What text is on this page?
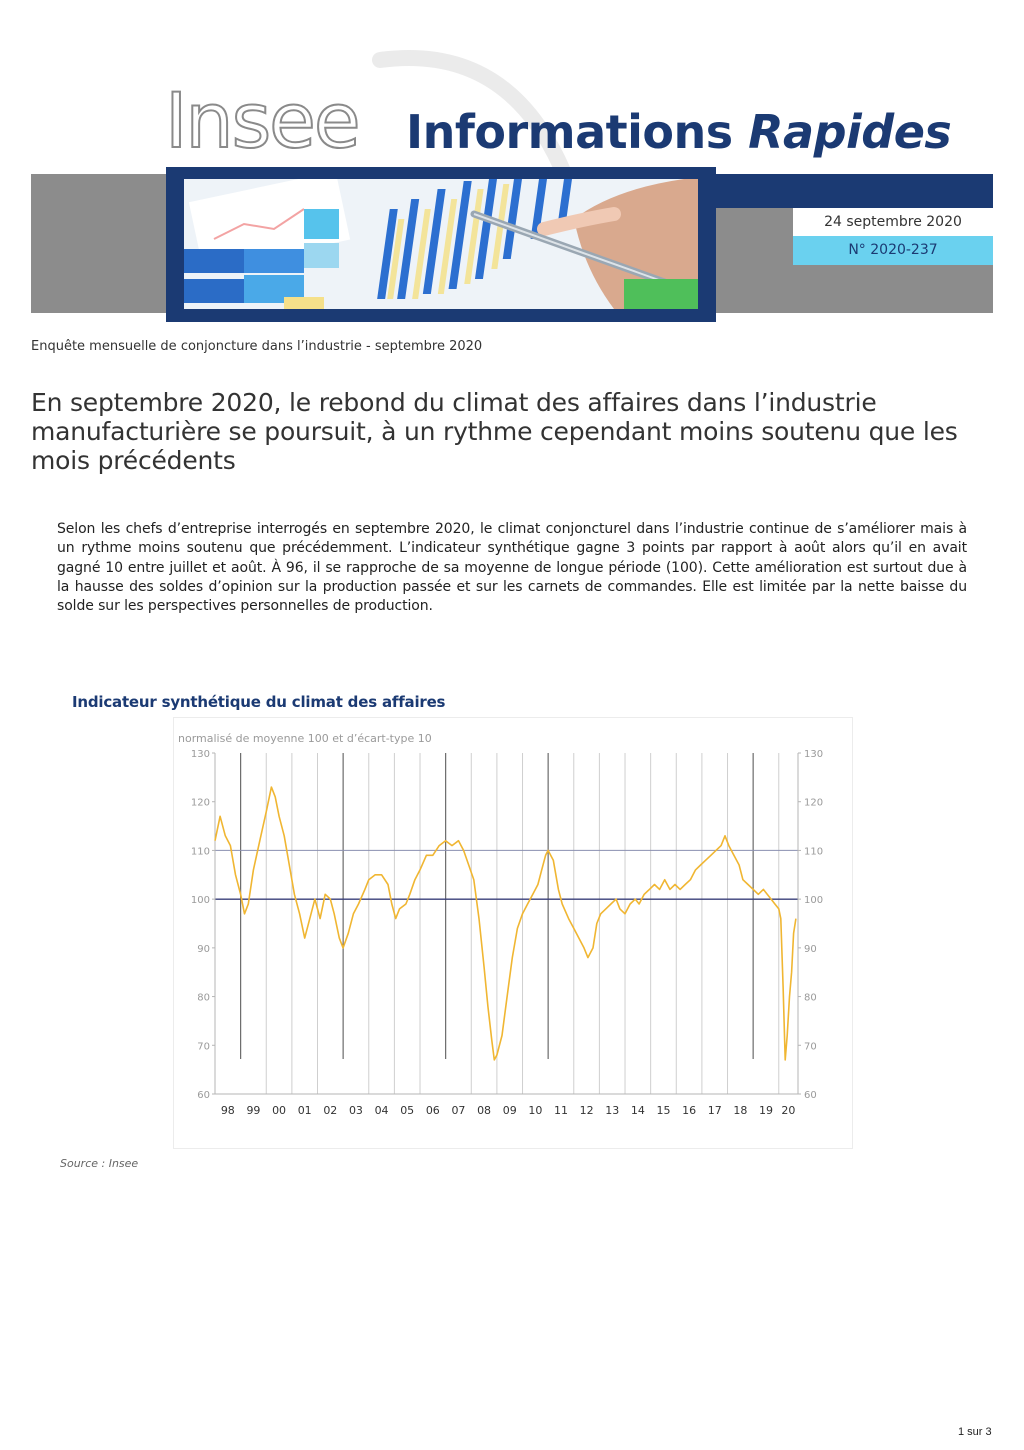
Insee Informations Rapides
24 septembre 2020
N° 2020-237
Enquête mensuelle de conjoncture dans l’industrie - septembre 2020
En septembre 2020, le rebond du climat des affaires dans l’industrie manufacturière se poursuit, à un rythme cependant moins soutenu que les mois précédents
Selon les chefs d’entreprise interrogés en septembre 2020, le climat conjoncturel dans l’industrie continue de s’améliorer mais à un rythme moins soutenu que précédemment. L’indicateur synthétique gagne 3 points par rapport à août alors qu’il en avait gagné 10 entre juillet et août. À 96, il se rapproche de sa moyenne de longue période (100). Cette amélioration est surtout due à la hausse des soldes d’opinion sur la production passée et sur les carnets de commandes. Elle est limitée par la nette baisse du solde sur les perspectives personnelles de production.
Indicateur synthétique du climat des affaires
normalisé de moyenne 100 et d’écart-type 10
60	60
70	70
80	80
90	90
100	100
110	110
120	120
130	130
98 99 00 01 02 03 04 05 06 07 08 09 10 11 12 13 14 15 16 17 18 19 20
Source : Insee
1 sur 3
